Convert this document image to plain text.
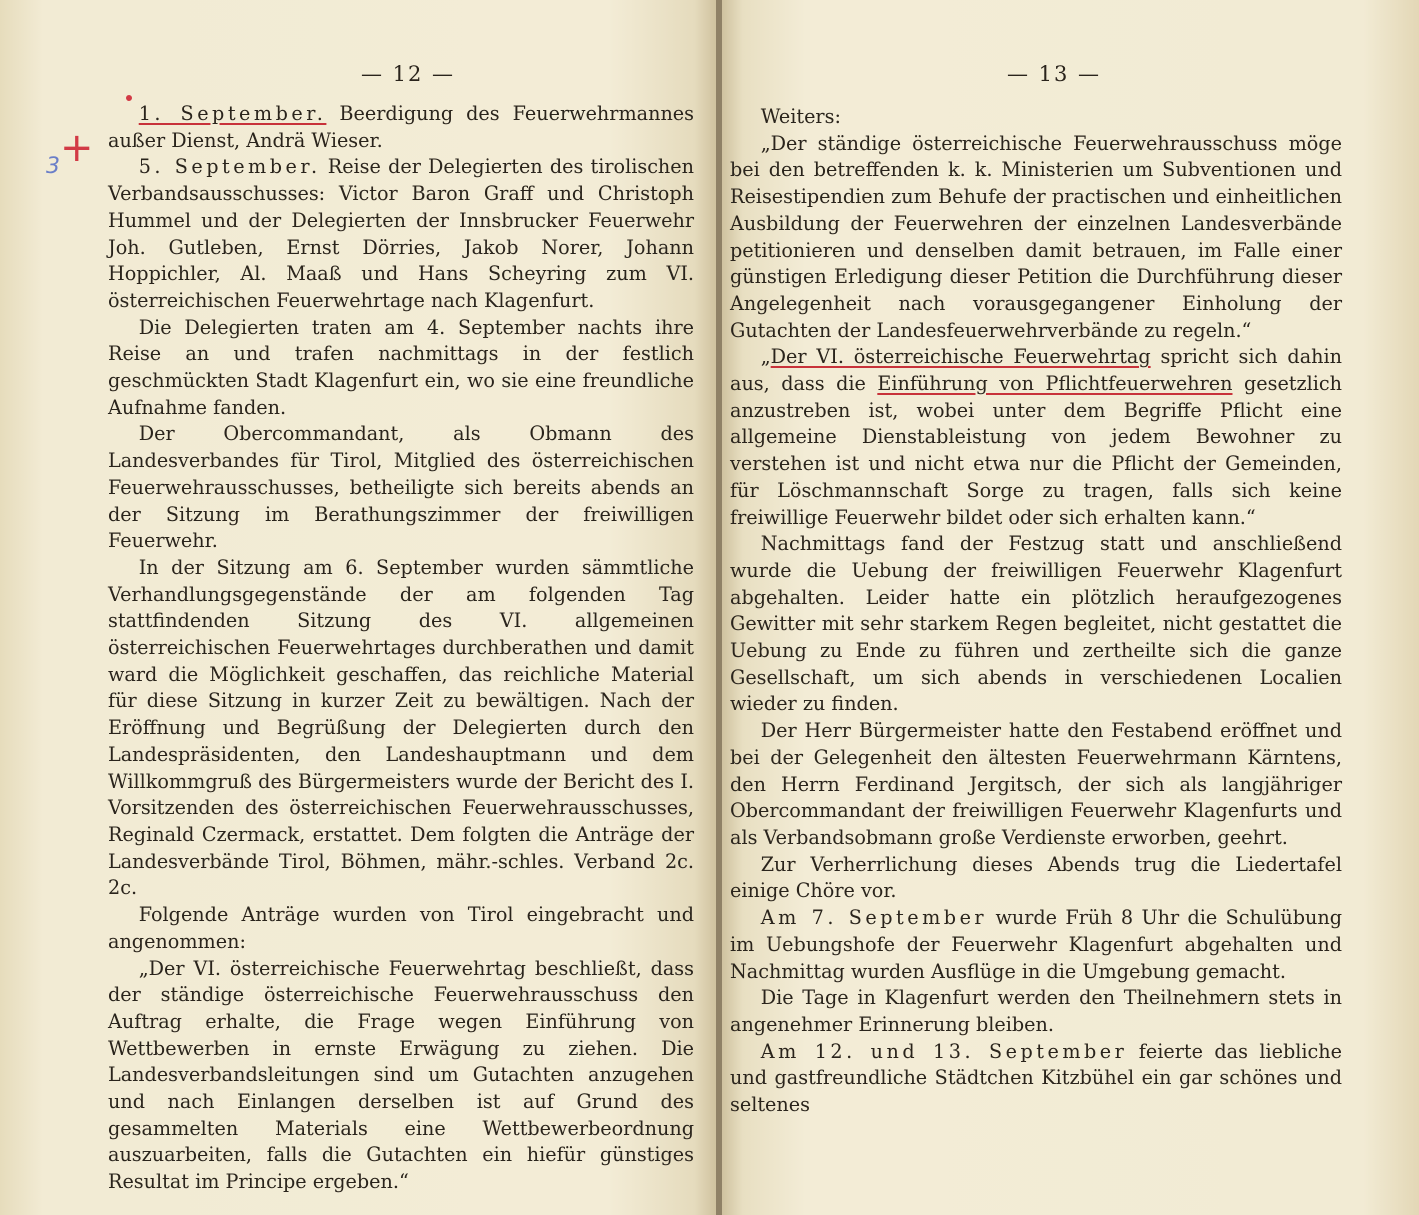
+
3
— 12 —

1. September. Beerdigung des Feuerwehrmannes außer Dienst, Andrä Wieser.

5. September. Reise der Delegierten des tirolischen Verbandsausschusses: Victor Baron Graff und Christoph Hummel und der Delegierten der Innsbrucker Feuerwehr Joh. Gutleben, Ernst Dörries, Jakob Norer, Johann Hoppichler, Al. Maaß und Hans Scheyring zum VI. österreichischen Feuerwehrtage nach Klagenfurt.

Die Delegierten traten am 4. September nachts ihre Reise an und trafen nachmittags in der festlich geschmückten Stadt Klagenfurt ein, wo sie eine freundliche Aufnahme fanden.

Der Obercommandant, als Obmann des Landesverbandes für Tirol, Mitglied des österreichischen Feuerwehrausschusses, betheiligte sich bereits abends an der Sitzung im Berathungszimmer der freiwilligen Feuerwehr.

In der Sitzung am 6. September wurden sämmtliche Verhandlungsgegenstände der am folgenden Tag stattfindenden Sitzung des VI. allgemeinen österreichischen Feuerwehrtages durchberathen und damit ward die Möglichkeit geschaffen, das reichliche Material für diese Sitzung in kurzer Zeit zu bewältigen. Nach der Eröffnung und Begrüßung der Delegierten durch den Landespräsidenten, den Landeshauptmann und dem Willkommgruß des Bürgermeisters wurde der Bericht des I. Vorsitzenden des österreichischen Feuerwehrausschusses, Reginald Czermack, erstattet. Dem folgten die Anträge der Landesverbände Tirol, Böhmen, mähr.-schles. Verband 2c. 2c.

Folgende Anträge wurden von Tirol eingebracht und angenommen:

„Der VI. österreichische Feuerwehrtag beschließt, dass der ständige österreichische Feuerwehrausschuss den Auftrag erhalte, die Frage wegen Einführung von Wettbewerben in ernste Erwägung zu ziehen. Die Landesverbandsleitungen sind um Gutachten anzugehen und nach Einlangen derselben ist auf Grund des gesammelten Materials eine Wettbewerbeordnung auszuarbeiten, falls die Gutachten ein hiefür günstiges Resultat im Principe ergeben.“

— 13 —

Weiters:

„Der ständige österreichische Feuerwehrausschuss möge bei den betreffenden k. k. Ministerien um Subventionen und Reisestipendien zum Behufe der practischen und einheitlichen Ausbildung der Feuerwehren der einzelnen Landesverbände petitionieren und denselben damit betrauen, im Falle einer günstigen Erledigung dieser Petition die Durchführung dieser Angelegenheit nach vorausgegangener Einholung der Gutachten der Landesfeuerwehrverbände zu regeln.“

„Der VI. österreichische Feuerwehrtag spricht sich dahin aus, dass die Einführung von Pflichtfeuerwehren gesetzlich anzustreben ist, wobei unter dem Begriffe Pflicht eine allgemeine Dienstableistung von jedem Bewohner zu verstehen ist und nicht etwa nur die Pflicht der Gemeinden, für Löschmannschaft Sorge zu tragen, falls sich keine freiwillige Feuerwehr bildet oder sich erhalten kann.“

Nachmittags fand der Festzug statt und anschließend wurde die Uebung der freiwilligen Feuerwehr Klagenfurt abgehalten. Leider hatte ein plötzlich heraufgezogenes Gewitter mit sehr starkem Regen begleitet, nicht gestattet die Uebung zu Ende zu führen und zertheilte sich die ganze Gesellschaft, um sich abends in verschiedenen Localien wieder zu finden.

Der Herr Bürgermeister hatte den Festabend eröffnet und bei der Gelegenheit den ältesten Feuerwehrmann Kärntens, den Herrn Ferdinand Jergitsch, der sich als langjähriger Obercommandant der freiwilligen Feuerwehr Klagenfurts und als Verbandsobmann große Verdienste erworben, geehrt.

Zur Verherrlichung dieses Abends trug die Liedertafel einige Chöre vor.

Am 7. September wurde Früh 8 Uhr die Schulübung im Uebungshofe der Feuerwehr Klagenfurt abgehalten und Nachmittag wurden Ausflüge in die Umgebung gemacht.

Die Tage in Klagenfurt werden den Theilnehmern stets in angenehmer Erinnerung bleiben.

Am 12. und 13. September feierte das liebliche und gastfreundliche Städtchen Kitzbühel ein gar schönes und seltenes
